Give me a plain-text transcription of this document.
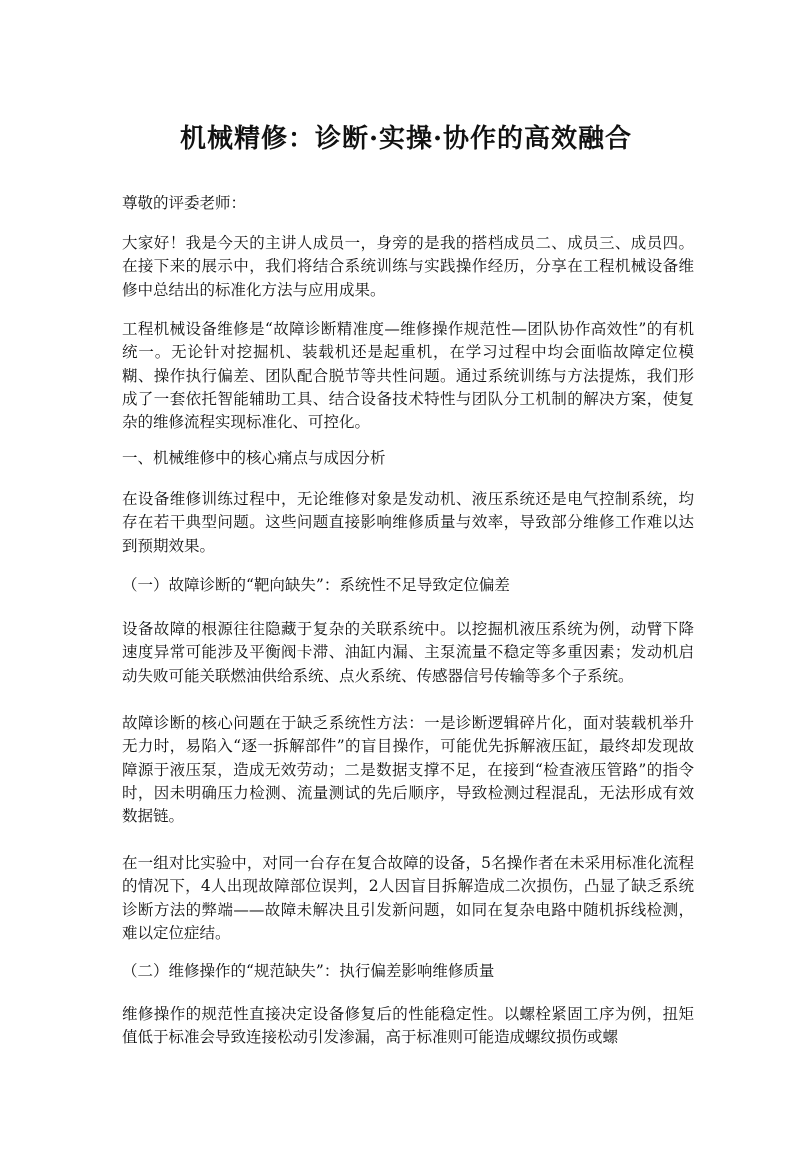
机械精修：诊断·实操·协作的高效融合

尊敬的评委老师：

大家好！我是今天的主讲人成员一，身旁的是我的搭档成员二、成员三、成员四。在接下来的展示中，我们将结合系统训练与实践操作经历，分享在工程机械设备维修中总结出的标准化方法与应用成果。

工程机械设备维修是“故障诊断精准度—维修操作规范性—团队协作高效性”的有机统一。无论针对挖掘机、装载机还是起重机，在学习过程中均会面临故障定位模糊、操作执行偏差、团队配合脱节等共性问题。通过系统训练与方法提炼，我们形成了一套依托智能辅助工具、结合设备技术特性与团队分工机制的解决方案，使复杂的维修流程实现标准化、可控化。

一、机械维修中的核心痛点与成因分析

在设备维修训练过程中，无论维修对象是发动机、液压系统还是电气控制系统，均存在若干典型问题。这些问题直接影响维修质量与效率，导致部分维修工作难以达到预期效果。

（一）故障诊断的“靶向缺失”：系统性不足导致定位偏差

设备故障的根源往往隐藏于复杂的关联系统中。以挖掘机液压系统为例，动臂下降速度异常可能涉及平衡阀卡滞、油缸内漏、主泵流量不稳定等多重因素；发动机启动失败可能关联燃油供给系统、点火系统、传感器信号传输等多个子系统。

故障诊断的核心问题在于缺乏系统性方法：一是诊断逻辑碎片化，面对装载机举升无力时，易陷入“逐一拆解部件”的盲目操作，可能优先拆解液压缸，最终却发现故障源于液压泵，造成无效劳动；二是数据支撑不足，在接到“检查液压管路”的指令时，因未明确压力检测、流量测试的先后顺序，导致检测过程混乱，无法形成有效数据链。

在一组对比实验中，对同一台存在复合故障的设备，5名操作者在未采用标准化流程的情况下，4人出现故障部位误判，2人因盲目拆解造成二次损伤，凸显了缺乏系统诊断方法的弊端——故障未解决且引发新问题，如同在复杂电路中随机拆线检测，难以定位症结。

（二）维修操作的“规范缺失”：执行偏差影响维修质量

维修操作的规范性直接决定设备修复后的性能稳定性。以螺栓紧固工序为例，扭矩值低于标准会导致连接松动引发渗漏，高于标准则可能造成螺纹损伤或螺
